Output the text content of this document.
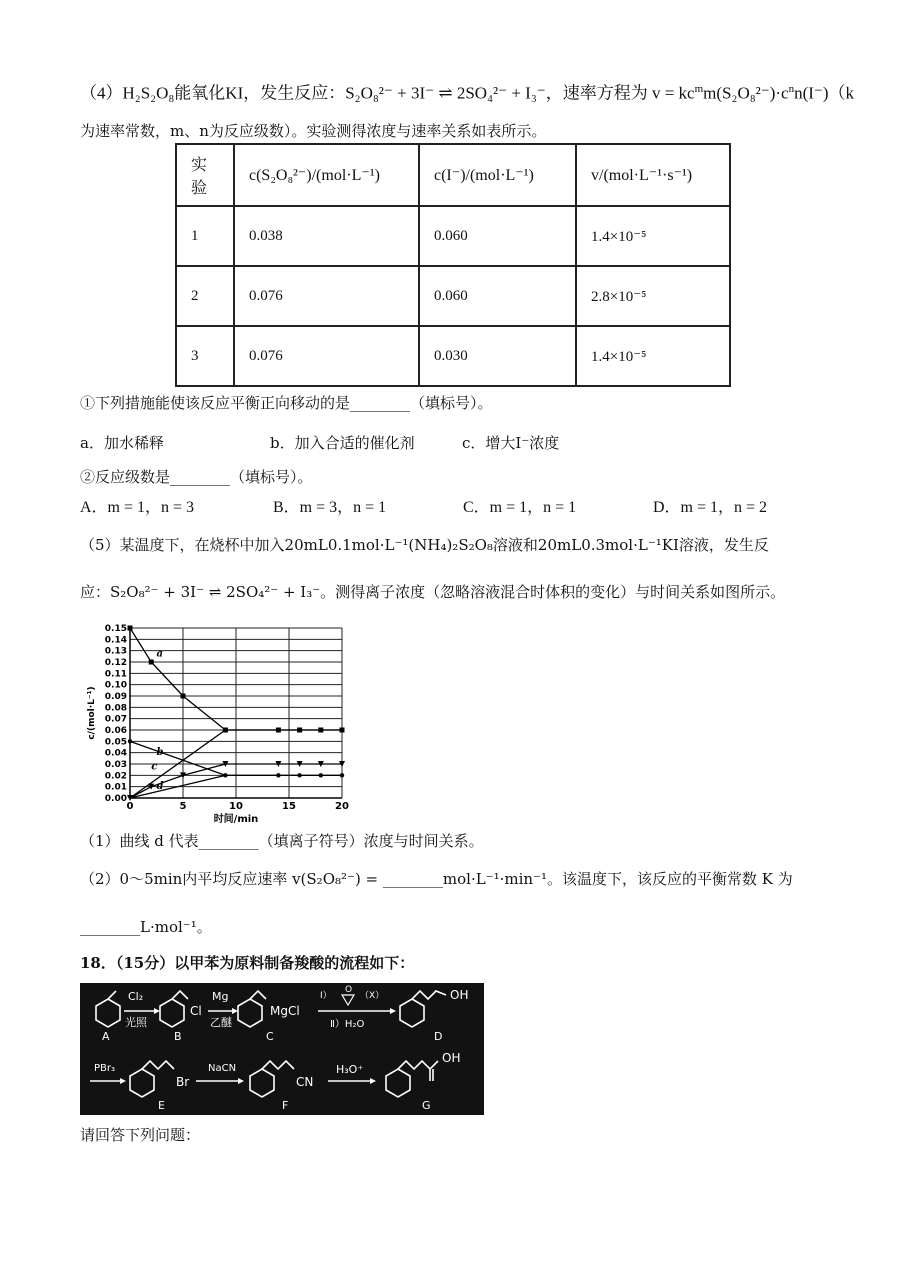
（4）H₂S₂O₈能氧化KI，发生反应：S₂O₈²⁻ + 3I⁻ ⇌ 2SO₄²⁻ + I₃⁻，速率方程为 $v = kc^mm(S_2O_8^{2-})\cdot c^nn(I^-)(k$
为速率常数，m、n为反应级数）。实验测得浓度与速率关系如表所示。
实验	c(S₂O₈²⁻)/(mol·L⁻¹)	c(I⁻)/(mol·L⁻¹)	v/(mol·L⁻¹·s⁻¹)
1	0.038	0.060	1.4×10⁻⁵
2	0.076	0.060	2.8×10⁻⁵
3	0.076	0.030	1.4×10⁻⁵
①下列措施能使该反应平衡正向移动的是________（填标号）。
a．加水稀释	b．加入合适的催化剂	c．增大I⁻浓度
②反应级数是________（填标号）。
A．m = 1，n = 3	B．m = 3，n = 1	C．m = 1，n = 1	D．m = 1，n = 2
（5）某温度下，在烧杯中加入20mL0.1mol·L⁻¹(NH₄)₂S₂O₈溶液和20mL0.3mol·L⁻¹KI溶液，发生反
应：S₂O₈²⁻ + 3I⁻ ⇌ 2SO₄²⁻ + I₃⁻。测得离子浓度（忽略溶液混合时体积的变化）与时间关系如图所示。
0.00
0.01
0.02
0.03
0.04
0.05
0.06
0.07
0.08
0.09
0.10
0.11
0.12
0.13
0.14
0.15
0	5	10	15	20
时间/min
c/(mol·L⁻¹)
a
b
c
d
（1）曲线 d 代表________（填离子符号）浓度与时间关系。
（2）0～5min内平均反应速率 v(S₂O₈²⁻) = ________mol·L⁻¹·min⁻¹。该温度下，该反应的平衡常数 K 为
________L·mol⁻¹。
18．（15分）以甲苯为原料制备羧酸的流程如下：
Cl₂
光照
Mg
乙醚
Ⅰ）	（X）
Ⅱ）H₂O
O
PBr₃	NaCN	H₃O⁺
Cl	MgCl
OH
Br	CN
OH
A	B	C	D
E	F	G
请回答下列问题：
